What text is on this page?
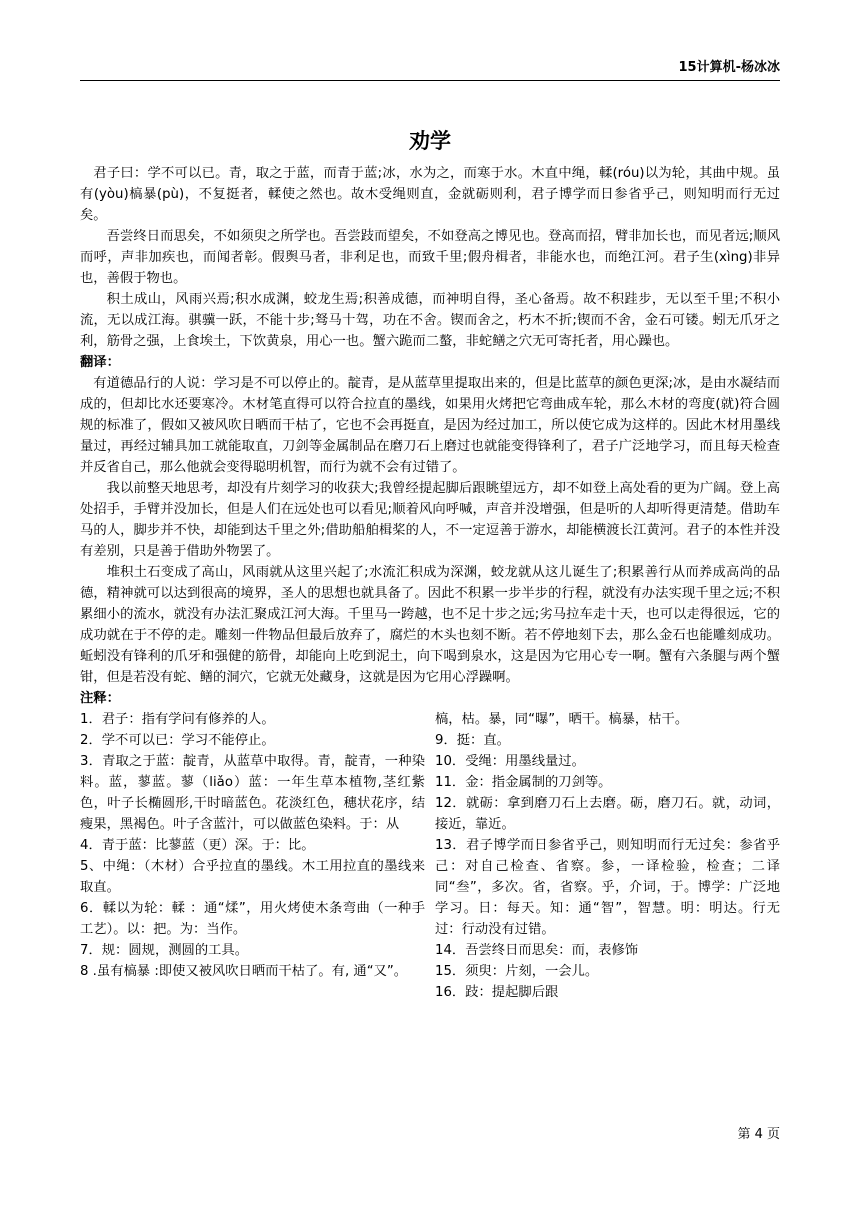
15计算机-杨冰冰
劝学

君子曰：学不可以已。青，取之于蓝，而青于蓝;冰，水为之，而寒于水。木直中绳，輮(róu)以为轮，其曲中规。虽有(yòu)槁暴(pù)，不复挺者，輮使之然也。故木受绳则直，金就砺则利，君子博学而日参省乎己，则知明而行无过矣。

吾尝终日而思矣，不如须臾之所学也。吾尝跂而望矣，不如登高之博见也。登高而招，臂非加长也，而见者远;顺风而呼，声非加疾也，而闻者彰。假舆马者，非利足也，而致千里;假舟楫者，非能水也，而绝江河。君子生(xìng)非异也，善假于物也。

积土成山，风雨兴焉;积水成渊，蛟龙生焉;积善成德，而神明自得，圣心备焉。故不积跬步，无以至千里;不积小流，无以成江海。骐骥一跃，不能十步;驽马十驾，功在不舍。锲而舍之，朽木不折;锲而不舍，金石可镂。蚓无爪牙之利，筋骨之强，上食埃土，下饮黄泉，用心一也。蟹六跪而二螯，非蛇鳝之穴无可寄托者，用心躁也。

翻译：

有道德品行的人说：学习是不可以停止的。靛青，是从蓝草里提取出来的，但是比蓝草的颜色更深;冰，是由水凝结而成的，但却比水还要寒冷。木材笔直得可以符合拉直的墨线，如果用火烤把它弯曲成车轮，那么木材的弯度(就)符合圆规的标准了，假如又被风吹日晒而干枯了，它也不会再挺直，是因为经过加工，所以使它成为这样的。因此木材用墨线量过，再经过辅具加工就能取直，刀剑等金属制品在磨刀石上磨过也就能变得锋利了，君子广泛地学习，而且每天检查并反省自己，那么他就会变得聪明机智，而行为就不会有过错了。

我以前整天地思考，却没有片刻学习的收获大;我曾经提起脚后跟眺望远方，却不如登上高处看的更为广阔。登上高处招手，手臂并没加长，但是人们在远处也可以看见;顺着风向呼喊，声音并没增强，但是听的人却听得更清楚。借助车马的人，脚步并不快，却能到达千里之外;借助船舶楫桨的人，不一定逗善于游水，却能横渡长江黄河。君子的本性并没有差别，只是善于借助外物罢了。

堆积土石变成了高山，风雨就从这里兴起了;水流汇积成为深渊，蛟龙就从这儿诞生了;积累善行从而养成高尚的品德，精神就可以达到很高的境界，圣人的思想也就具备了。因此不积累一步半步的行程，就没有办法实现千里之远;不积累细小的流水，就没有办法汇聚成江河大海。千里马一跨越，也不足十步之远;劣马拉车走十天，也可以走得很远，它的成功就在于不停的走。雕刻一件物品但最后放弃了，腐烂的木头也刻不断。若不停地刻下去，那么金石也能雕刻成功。蚯蚓没有锋利的爪牙和强健的筋骨，却能向上吃到泥土，向下喝到泉水，这是因为它用心专一啊。蟹有六条腿与两个蟹钳，但是若没有蛇、鳝的洞穴，它就无处藏身，这就是因为它用心浮躁啊。

注释：

1．君子：指有学问有修养的人。

2．学不可以已：学习不能停止。

3．青取之于蓝：靛青，从蓝草中取得。青，靛青，一种染料。蓝，蓼蓝。蓼（liǎo）蓝：一年生草本植物,茎红紫色，叶子长椭圆形,干时暗蓝色。花淡红色，穗状花序，结瘦果，黑褐色。叶子含蓝汁，可以做蓝色染料。于：从

4．青于蓝：比蓼蓝（更）深。于：比。

5、中绳：（木材）合乎拉直的墨线。木工用拉直的墨线来取直。

6．輮以为轮：輮 ：通“煣”，用火烤使木条弯曲（一种手工艺）。以：把。为：当作。

7．规：圆规，测圆的工具。

8 .虽有槁暴 :即使又被风吹日晒而干枯了。有, 通“又”。

槁，枯。暴，同“曝”，晒干。槁暴，枯干。

9．挺：直。

10．受绳：用墨线量过。

11．金：指金属制的刀剑等。

12．就砺：拿到磨刀石上去磨。砺，磨刀石。就，动词，接近，靠近。

13．君子博学而日参省乎己，则知明而行无过矣：参省乎己：对自己检查、省察。参，一译检验，检查；二译同“叁”，多次。省，省察。乎，介词，于。博学：广泛地学习。日：每天。知：通“智”，智慧。明：明达。行无过：行动没有过错。

14．吾尝终日而思矣：而，表修饰

15．须臾：片刻，一会儿。

16．跂：提起脚后跟

第 4 页
